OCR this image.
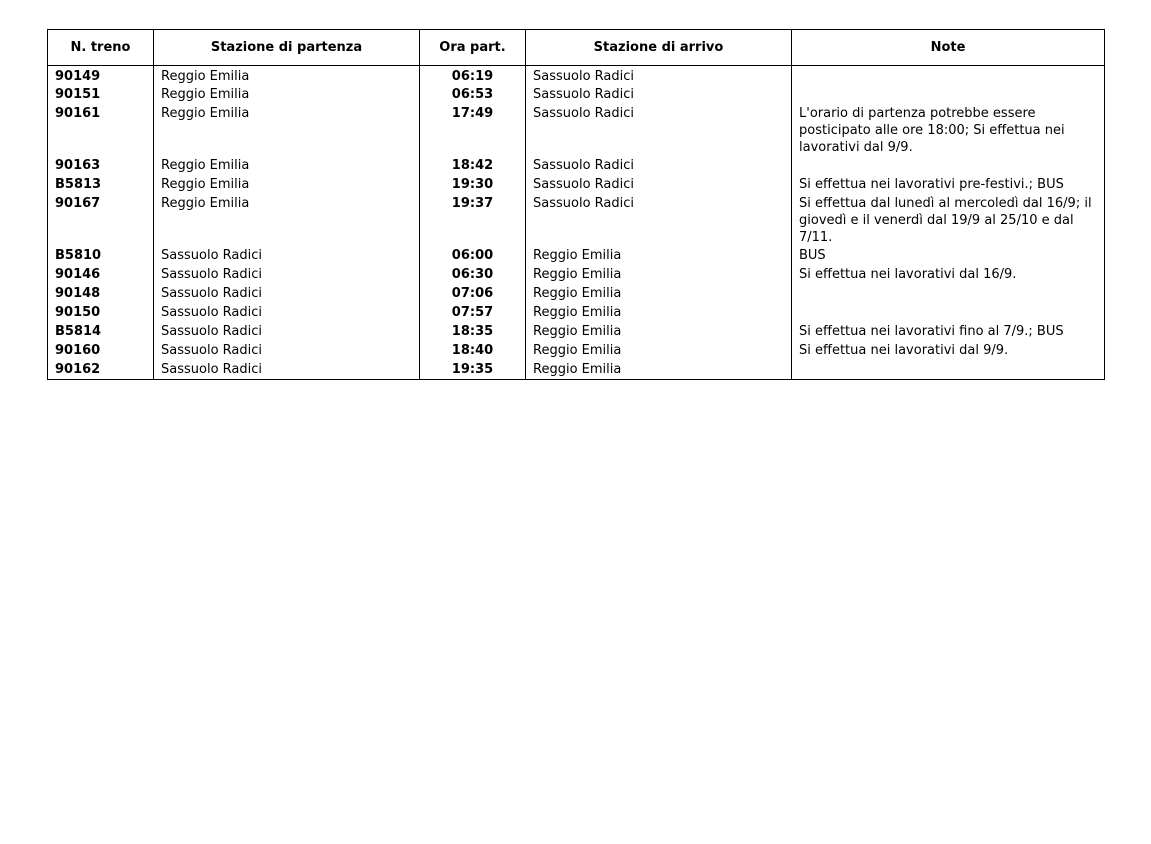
N. treno	Stazione di partenza	Ora part.	Stazione di arrivo	Note
90149	Reggio Emilia	06:19	Sassuolo Radici	
90151	Reggio Emilia	06:53	Sassuolo Radici	
90161	Reggio Emilia	17:49	Sassuolo Radici	L'orario di partenza potrebbe essere posticipato alle ore 18:00; Si effettua nei lavorativi dal 9/9.
90163	Reggio Emilia	18:42	Sassuolo Radici	
B5813	Reggio Emilia	19:30	Sassuolo Radici	Si effettua nei lavorativi pre-festivi.; BUS
90167	Reggio Emilia	19:37	Sassuolo Radici	Si effettua dal lunedì al mercoledì dal 16/9; il giovedì e il venerdì dal 19/9 al 25/10 e dal 7/11.
B5810	Sassuolo Radici	06:00	Reggio Emilia	BUS
90146	Sassuolo Radici	06:30	Reggio Emilia	Si effettua nei lavorativi dal 16/9.
90148	Sassuolo Radici	07:06	Reggio Emilia	
90150	Sassuolo Radici	07:57	Reggio Emilia	
B5814	Sassuolo Radici	18:35	Reggio Emilia	Si effettua nei lavorativi fino al 7/9.; BUS
90160	Sassuolo Radici	18:40	Reggio Emilia	Si effettua nei lavorativi dal 9/9.
90162	Sassuolo Radici	19:35	Reggio Emilia	
